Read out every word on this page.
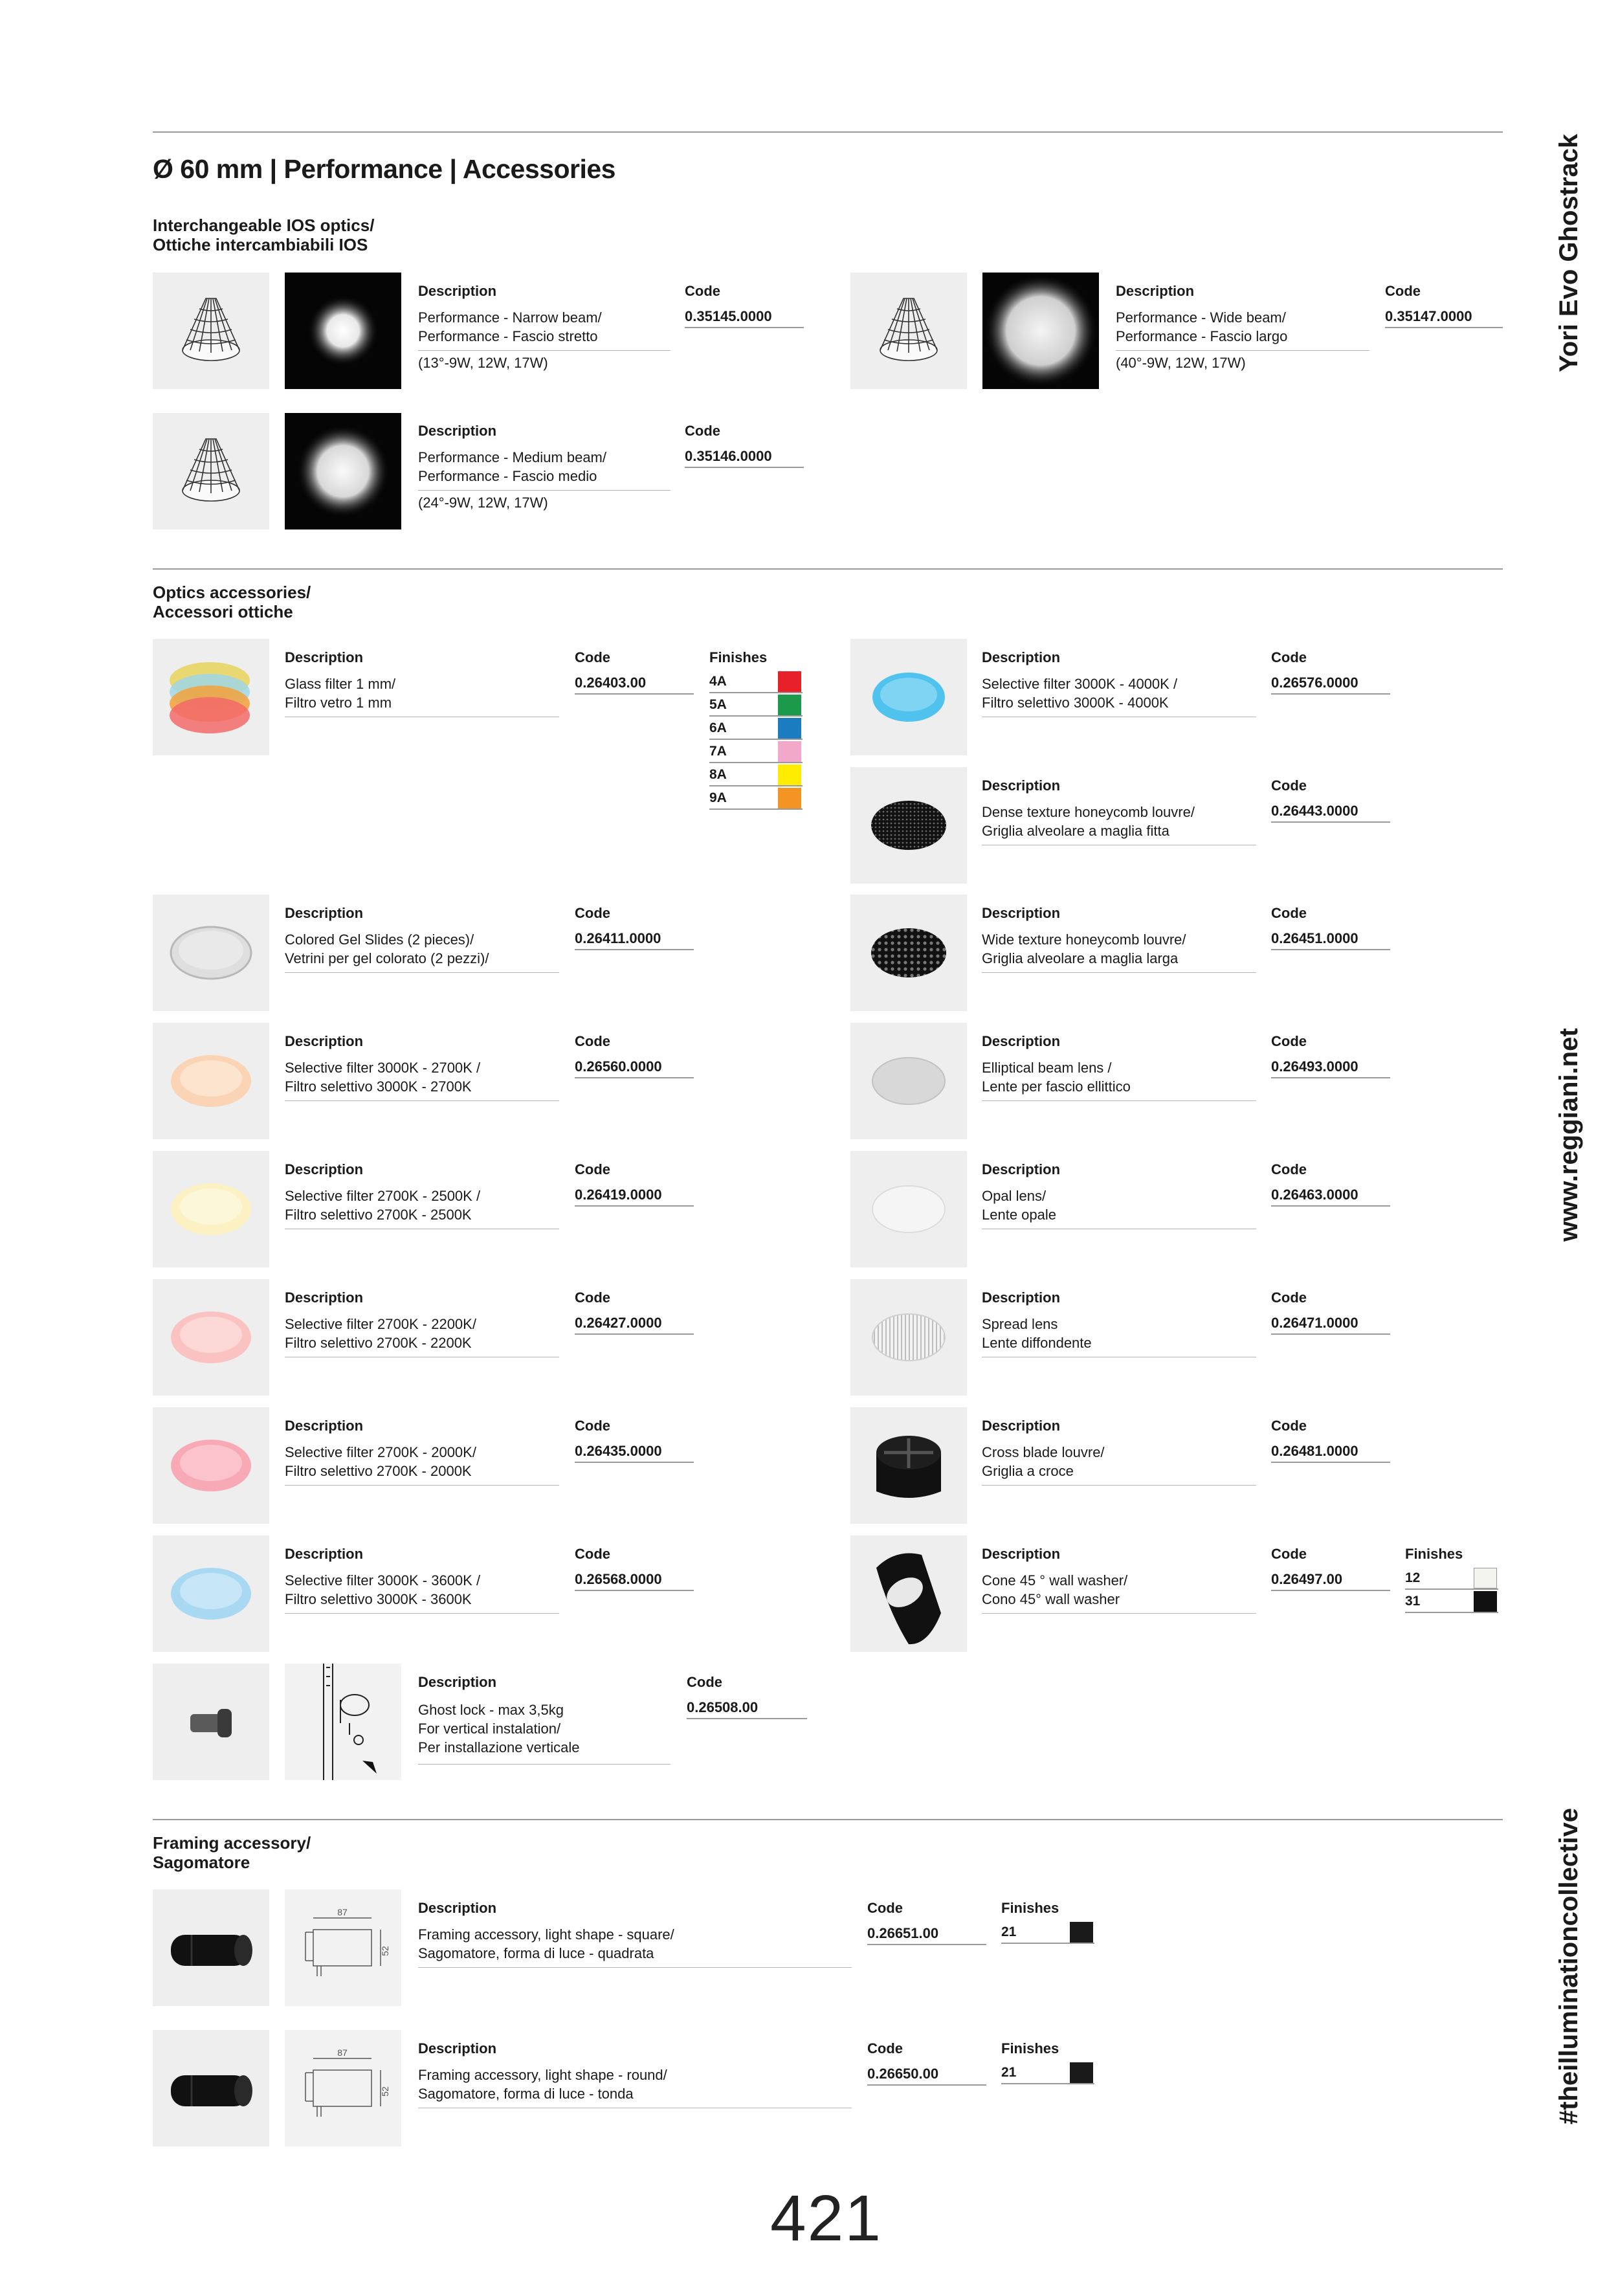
Ø 60 mm | Performance | Accessories	Yori Evo Ghostrack
www.reggiani.net
#theilluminationcollective
Interchangeable IOS optics/
Ottiche intercambiabili IOS
Description	Code
Performance - Narrow beam/
Performance - Fascio stretto
(13°-9W, 12W, 17W)
0.35145.0000
Description	Code
Performance - Wide beam/
Performance - Fascio largo
(40°-9W, 12W, 17W)
0.35147.0000
Description	Code
Performance - Medium beam/
Performance - Fascio medio
(24°-9W, 12W, 17W)
0.35146.0000
Optics accessories/
Accessori ottiche
Description	Code	Finishes
Glass filter 1 mm/
Filtro vetro 1 mm
0.26403.00	4A
5A
6A
7A
8A
9A
Description	Code
Colored Gel Slides (2 pieces)/
Vetrini per gel colorato (2 pezzi)/
0.26411.0000
Description	Code
Selective filter 3000K - 2700K /
Filtro selettivo 3000K - 2700K
0.26560.0000
Description	Code
Selective filter 2700K - 2500K /
Filtro selettivo 2700K - 2500K
0.26419.0000
Description	Code
Selective filter 2700K - 2200K/
Filtro selettivo 2700K - 2200K
0.26427.0000
Description	Code
Selective filter 2700K - 2000K/
Filtro selettivo 2700K - 2000K
0.26435.0000
Description	Code
Selective filter 3000K - 3600K /
Filtro selettivo 3000K - 3600K
0.26568.0000
Description	Code
Ghost lock - max 3,5kg
For vertical instalation/
Per installazione verticale
0.26508.00
Description	Code
Selective filter 3000K - 4000K /
Filtro selettivo 3000K - 4000K
0.26576.0000
Description	Code
Dense texture honeycomb louvre/
Griglia alveolare a maglia fitta
0.26443.0000
Description	Code
Wide texture honeycomb louvre/
Griglia alveolare a maglia larga
0.26451.0000
Description	Code
Elliptical beam lens /
Lente per fascio ellittico
0.26493.0000
Description	Code
Opal lens/
Lente opale
0.26463.0000
Description	Code
Spread lens
Lente diffondente
0.26471.0000
Description	Code
Cross blade louvre/
Griglia a croce
0.26481.0000
Description	Code	Finishes
Cone 45 ° wall washer/
Cono 45° wall washer
0.26497.00	12
31
Framing accessory/
Sagomatore
87
52
Description	Code	Finishes
Framing accessory, light shape - square/
Sagomatore, forma di luce - quadrata
0.26651.00	21
87
52
Description	Code	Finishes
Framing accessory, light shape - round/
Sagomatore, forma di luce - tonda
0.26650.00	21
421
